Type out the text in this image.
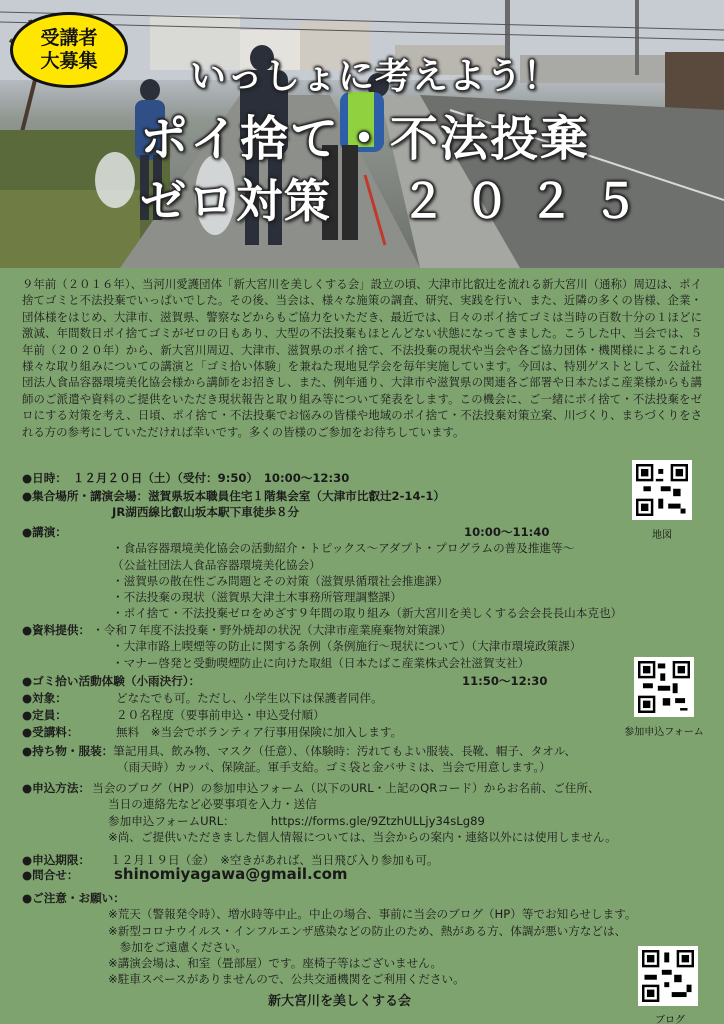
受講者
大募集	いっしょに考えよう！
ポイ捨て・不法投棄
ゼロ対策 ２０２５

９年前（２０１６年）、当河川愛護団体「新大宮川を美しくする会」設立の頃、大津市比叡辻を流れる新大宮川（通称）周辺は、ポイ捨てゴミと不法投棄でいっぱいでした。その後、当会は、様々な施策の調査、研究、実践を行い、また、近隣の多くの皆様、企業・団体様をはじめ、大津市、滋賀県、警察などからもご協力をいただき、最近では、日々のポイ捨てゴミは当時の百数十分の１ほどに激減、年間数日ポイ捨てゴミがゼロの日もあり、大型の不法投棄もほとんどない状態になってきました。こうした中、当会では、５年前（２０２０年）から、新大宮川周辺、大津市、滋賀県のポイ捨て、不法投棄の現状や当会や各ご協力団体・機関様によるこれら様々な取り組みについての講演と「ゴミ拾い体験」を兼ねた現地見学会を毎年実施しています。今回は、特別ゲストとして、公益社団法人食品容器環境美化協会様から講師をお招きし、また、例年通り、大津市や滋賀県の関連各ご部署や日本たばこ産業様からも講師のご派遣や資料のご提供をいただき現状報告と取り組み等について発表をします。この機会に、ご一緒にポイ捨て・不法投棄をゼロにする対策を考え、日頃、ポイ捨て・不法投棄でお悩みの皆様や地域のポイ捨て・不法投棄対策立案、川づくり、まちづくりをされる方の参考にしていただければ幸いです。多くの皆様のご参加をお待ちしています。

●日時：　 １２月２０日（土）（受付：9:50）　10:00～12:30
●集合場所・講演会場：滋賀県坂本職員住宅１階集会室（大津市比叡辻2-14-1）
JR湖西線比叡山坂本駅下車徒歩８分
●講演：	10:00～11:40
・食品容器環境美化協会の活動紹介・トピックス～アダプト・プログラムの普及推進等～
（公益社団法人食品容器環境美化協会）
・滋賀県の散在性ごみ問題とその対策（滋賀県循環社会推進課）
・不法投棄の現状（滋賀県大津土木事務所管理調整課）
・ポイ捨て・不法投棄ゼロをめざす９年間の取り組み（新大宮川を美しくする会会長長山本克也）
●資料提供： ・令和７年度不法投棄・野外焼却の状況（大津市産業廃棄物対策課）
・大津市路上喫煙等の防止に関する条例（条例施行～現状について）（大津市環境政策課）
・マナー啓発と受動喫煙防止に向けた取組（日本たばこ産業株式会社滋賀支社）
●ゴミ拾い活動体験（小雨決行）：	11:50～12:30
●対象：	どなたでも可。ただし、小学生以下は保護者同伴。
●定員：	２０名程度（要事前申込・申込受付順）
●受講料：	無料　※当会でボランティア行事用保険に加入します。
●持ち物・服装：筆記用具、飲み物、マスク（任意）、（体験時：汚れてもよい服装、長靴、帽子、タオル、
（雨天時）カッパ、保険証。軍手支給。ゴミ袋と金バサミは、当会で用意します。）
●申込方法： 当会のブログ（HP）の参加申込フォーム（以下のURL・上記のQRコード）からお名前、ご住所、
当日の連絡先など必要事項を入力・送信
参加申込フォームURL：	https://forms.gle/9ZtzhULLjy34sLg89
※尚、ご提供いただきました個人情報については、当会からの案内・連絡以外には使用しません。
●申込期限： １２月１９日（金）　※空きがあれば、当日飛び入り参加も可。
●問合せ： shinomiyagawa@gmail.com
●ご注意・お願い：
※荒天（警報発令時）、増水時等中止。中止の場合、事前に当会のブログ（HP）等でお知らせします。
※新型コロナウイルス・インフルエンザ感染などの防止のため、熱がある方、体調が悪い方などは、
　参加をご遠慮ください。
※講演会場は、和室（畳部屋）です。座椅子等はございません。
※駐車スペースがありませんので、公共交通機関をご利用ください。
新大宮川を美しくする会
地図
参加申込フォーム
ブログ
